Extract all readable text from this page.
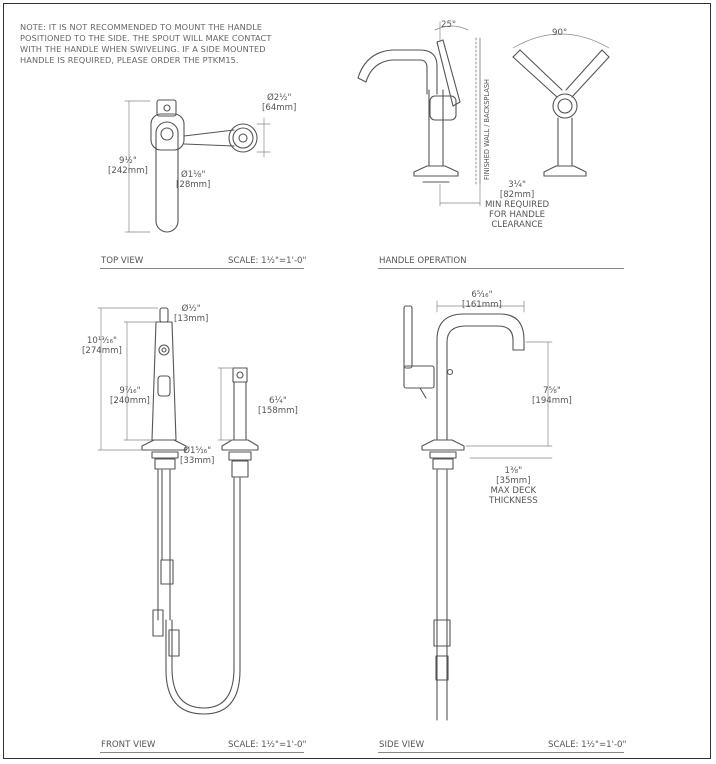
NOTE: IT IS NOT RECOMMENDED TO MOUNT THE HANDLE
POSITIONED TO THE SIDE. THE SPOUT WILL MAKE CONTACT
WITH THE HANDLE WHEN SWIVELING. IF A SIDE MOUNTED
HANDLE IS REQUIRED, PLEASE ORDER THE PTKM15.
FINISHED WALL / BACKSPLASH
9½"
[242mm]	Ø1⅛"
[28mm]
Ø2½"
[64mm]
25°
90°
3¼"
[82mm]
MIN REQUIRED
FOR HANDLE
CLEARANCE
Ø½"
[13mm]
10¹³⁄₁₆"
[274mm]
9⁷⁄₁₆"
[240mm]
Ø1⁵⁄₁₆"
[33mm]
6¼"
[158mm]
6⁵⁄₁₆"
[161mm]
7⅝"
[194mm]
1⅜"
[35mm]
MAX DECK
THICKNESS
TOP VIEW	SCALE: 1½"=1'-0"	HANDLE OPERATION
FRONT VIEW	SCALE: 1½"=1'-0"	SIDE VIEW	SCALE: 1½"=1'-0"
